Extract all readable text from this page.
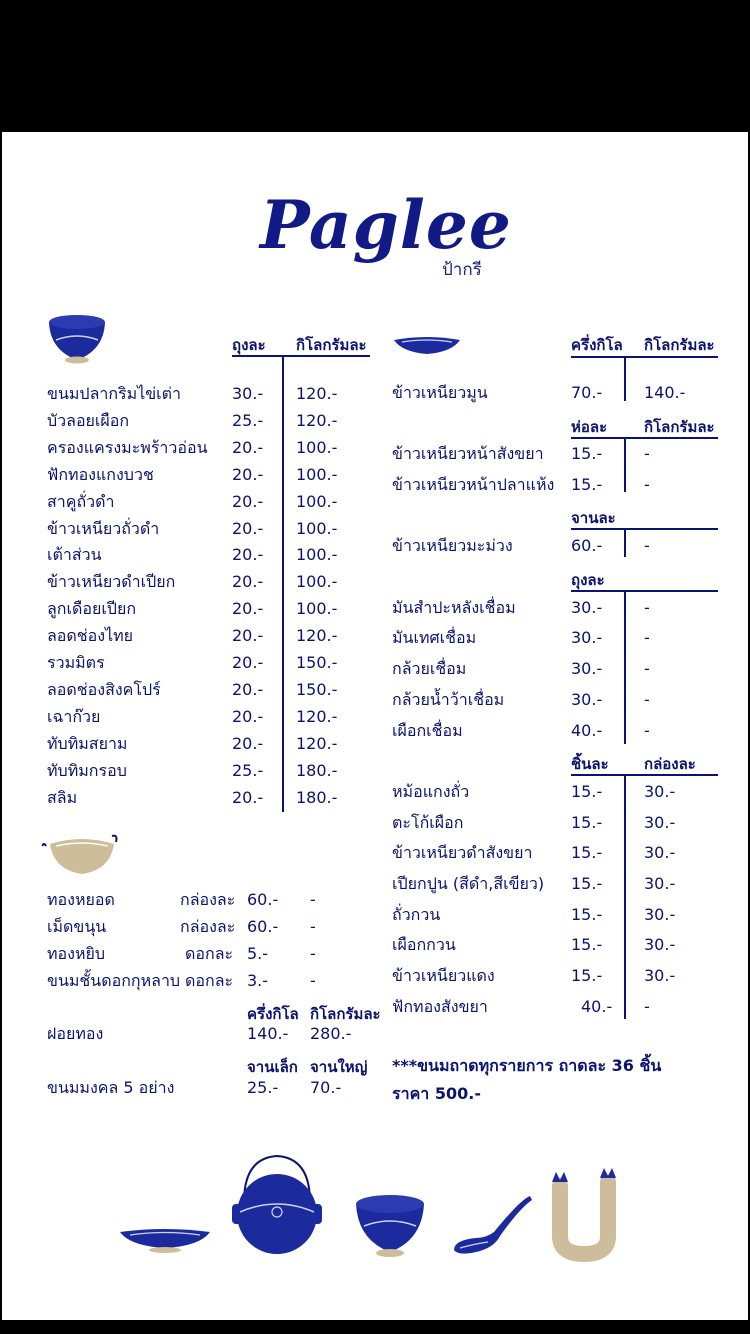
Paglee
ป้ากรี
ถุงละ กิโลกรัมละ
ขนมปลากริมไข่เต่า	30.- 120.-
บัวลอยเผือก	25.- 120.-
ครองแครงมะพร้าวอ่อน 20.- 100.-
ฟักทองแกงบวช	20.- 100.-
สาคูถั่วดำ	20.- 100.-
ข้าวเหนียวถั่วดำ	20.- 100.-
เต้าส่วน	20.- 100.-
ข้าวเหนียวดำเปียก	20.- 100.-
ลูกเดือยเปียก	20.- 100.-
ลอดช่องไทย	20.- 120.-
รวมมิตร	20.- 150.-
ลอดช่องสิงคโปร์	20.- 150.-
เฉาก๊วย	20.- 120.-
ทับทิมสยาม	20.- 120.-
ทับทิมกรอบ	25.- 180.-
สลิม	20.- 180.-
ทองหยอด	กล่องละ 60.- -
เม็ดขนุน	กล่องละ 60.- -
ทองหยิบ	ดอกละ 5.-	-
ขนมชั้นดอกกุหลาบ ดอกละ 3.-	-
ครึ่งกิโล กิโลกรัมละ
ฝอยทอง	140.- 280.-
จานเล็ก จานใหญ่
ขนมมงคล 5 อย่าง	25.- 70.-
ครึ่งกิโล กิโลกรัมละ
ข้าวเหนียวมูน	70.-	140.-
ห่อละ กิโลกรัมละ
ข้าวเหนียวหน้าสังขยา 15.-	-
ข้าวเหนียวหน้าปลาแห้ง 15.-	-
จานละ
ข้าวเหนียวมะม่วง	60.-	-
ถุงละ
มันสำปะหลังเชื่อม	30.-	-
มันเทศเชื่อม	30.-	-
กล้วยเชื่อม	30.-	-
กล้วยน้ำว้าเชื่อม	30.-	-
เผือกเชื่อม	40.-	-
ชิ้นละ กล่องละ
หม้อแกงถั่ว	15.-	30.-
ตะโก้เผือก	15.-	30.-
ข้าวเหนียวดำสังขยา 15.-	30.-
เปียกปูน (สีดำ,สีเขียว) 15.-	30.-
ถั่วกวน	15.-	30.-
เผือกกวน	15.-	30.-
ข้าวเหนียวแดง	15.-	30.-
ฟักทองสังขยา	40.- -
***ขนมถาดทุกรายการ ถาดละ 36 ชิ้น
ราคา 500.-
